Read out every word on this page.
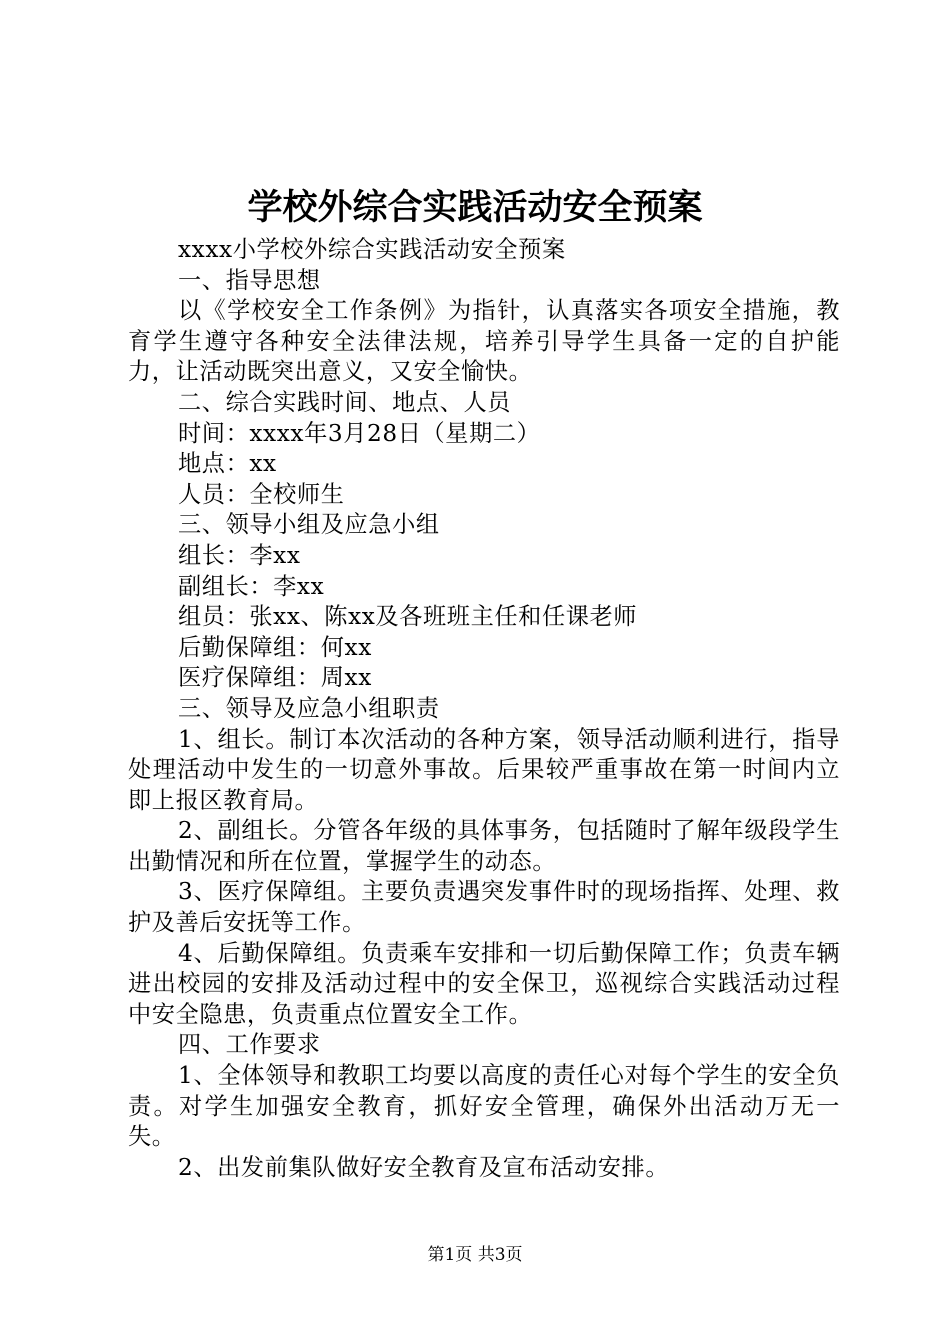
学校外综合实践活动安全预案

xxxx小学校外综合实践活动安全预案

一、指导思想

以《学校安全工作条例》为指针，认真落实各项安全措施，教育学生遵守各种安全法律法规，培养引导学生具备一定的自护能力，让活动既突出意义，又安全愉快。

二、综合实践时间、地点、人员

时间：xxxx年3月28日（星期二）

地点：xx

人员：全校师生

三、领导小组及应急小组

组长：李xx

副组长：李xx

组员：张xx、陈xx及各班班主任和任课老师

后勤保障组：何xx

医疗保障组：周xx

三、领导及应急小组职责

1、组长。制订本次活动的各种方案，领导活动顺利进行，指导处理活动中发生的一切意外事故。后果较严重事故在第一时间内立即上报区教育局。

2、副组长。分管各年级的具体事务，包括随时了解年级段学生出勤情况和所在位置，掌握学生的动态。

3、医疗保障组。主要负责遇突发事件时的现场指挥、处理、救护及善后安抚等工作。

4、后勤保障组。负责乘车安排和一切后勤保障工作；负责车辆进出校园的安排及活动过程中的安全保卫，巡视综合实践活动过程中安全隐患，负责重点位置安全工作。

四、工作要求

1、全体领导和教职工均要以高度的责任心对每个学生的安全负责。对学生加强安全教育，抓好安全管理，确保外出活动万无一失。

2、出发前集队做好安全教育及宣布活动安排。

第1页 共3页
